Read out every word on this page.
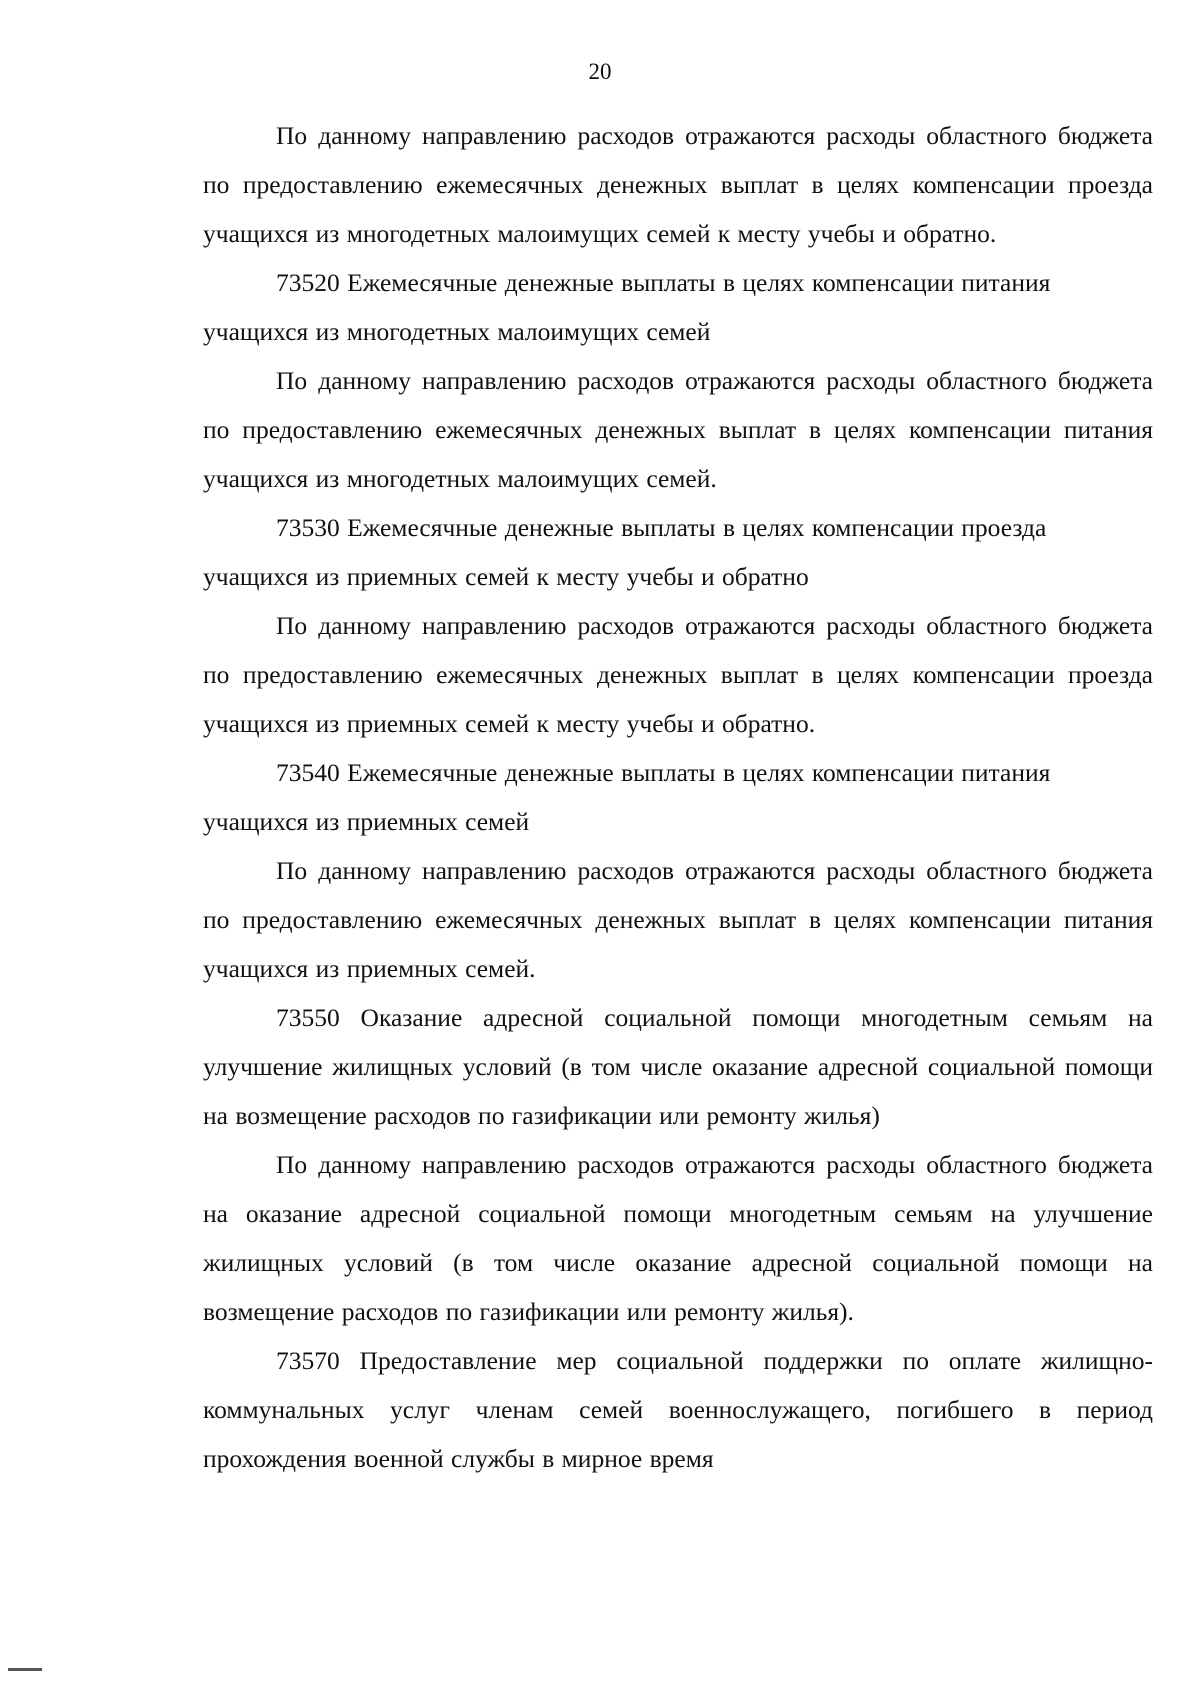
20

По данному направлению расходов отражаются расходы областного бюджета по предоставлению ежемесячных денежных выплат в целях компенсации проезда учащихся из многодетных малоимущих семей к месту учебы и обратно.

73520 Ежемесячные денежные выплаты в целях компенсации питания учащихся из многодетных малоимущих семей

По данному направлению расходов отражаются расходы областного бюджета по предоставлению ежемесячных денежных выплат в целях компенсации питания учащихся из многодетных малоимущих семей.

73530 Ежемесячные денежные выплаты в целях компенсации проезда учащихся из приемных семей к месту учебы и обратно

По данному направлению расходов отражаются расходы областного бюджета по предоставлению ежемесячных денежных выплат в целях компенсации проезда учащихся из приемных семей к месту учебы и обратно.

73540 Ежемесячные денежные выплаты в целях компенсации питания учащихся из приемных семей

По данному направлению расходов отражаются расходы областного бюджета по предоставлению ежемесячных денежных выплат в целях компенсации питания учащихся из приемных семей.

73550 Оказание адресной социальной помощи многодетным семьям на улучшение жилищных условий (в том числе оказание адресной социальной помощи на возмещение расходов по газификации или ремонту жилья)

По данному направлению расходов отражаются расходы областного бюджета на оказание адресной социальной помощи многодетным семьям на улучшение жилищных условий (в том числе оказание адресной социальной помощи на возмещение расходов по газификации или ремонту жилья).

73570 Предоставление мер социальной поддержки по оплате жилищно-коммунальных услуг членам семей военнослужащего, погибшего в период прохождения военной службы в мирное время
